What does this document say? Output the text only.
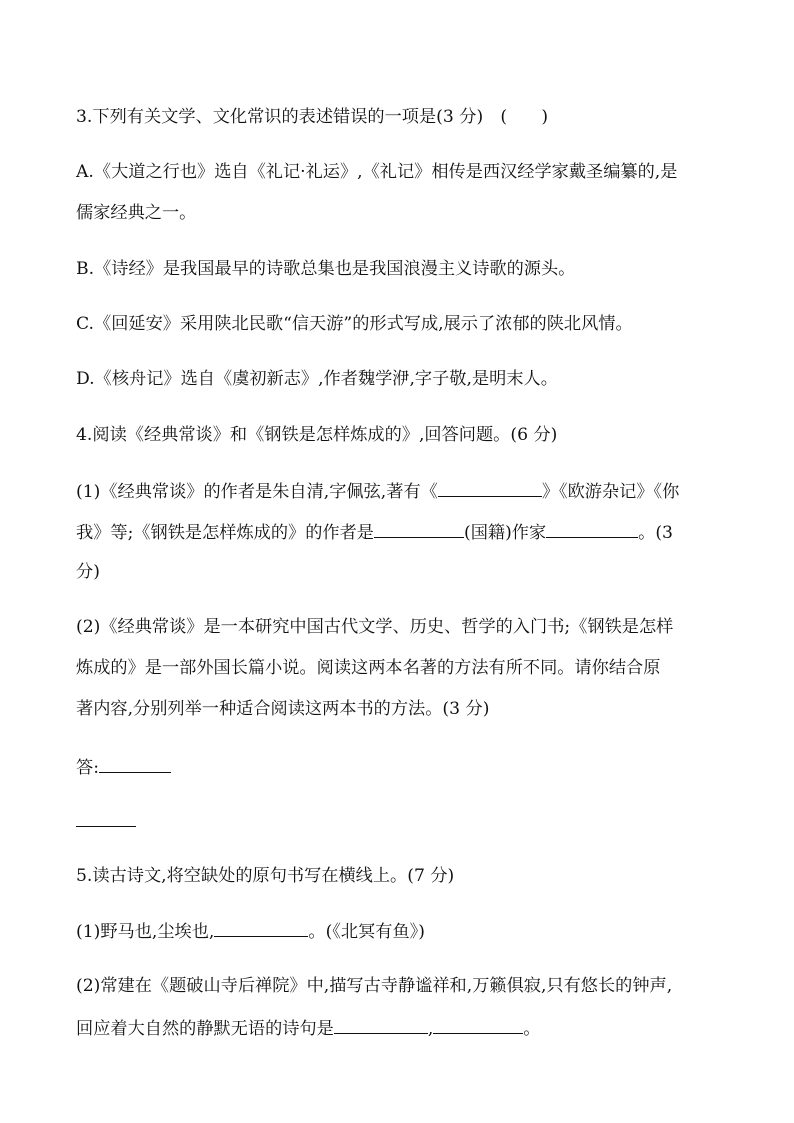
3.下列有关文学、文化常识的表述错误的一项是(3 分)　(　　)
A.《大道之行也》选自《礼记·礼运》,《礼记》相传是西汉经学家戴圣编纂的,是
儒家经典之一。
B.《诗经》是我国最早的诗歌总集也是我国浪漫主义诗歌的源头。
C.《回延安》采用陕北民歌“信天游”的形式写成,展示了浓郁的陕北风情。
D.《核舟记》选自《虞初新志》,作者魏学洢,字子敬,是明末人。
4.阅读《经典常谈》和《钢铁是怎样炼成的》,回答问题。(6 分)
(1)《经典常谈》的作者是朱自清,字佩弦,著有《	》《欧游杂记》《你
我》等;《钢铁是怎样炼成的》的作者是	(国籍)作家	。(3
分)
(2)《经典常谈》是一本研究中国古代文学、历史、哲学的入门书;《钢铁是怎样
炼成的》是一部外国长篇小说。阅读这两本名著的方法有所不同。请你结合原
著内容,分别列举一种适合阅读这两本书的方法。(3 分)
答:
5.读古诗文,将空缺处的原句书写在横线上。(7 分)
(1)野马也,尘埃也,	。(《北冥有鱼》)
(2)常建在《题破山寺后禅院》中,描写古寺静谧祥和,万籁俱寂,只有悠长的钟声,
回应着大自然的静默无语的诗句是	,	。
